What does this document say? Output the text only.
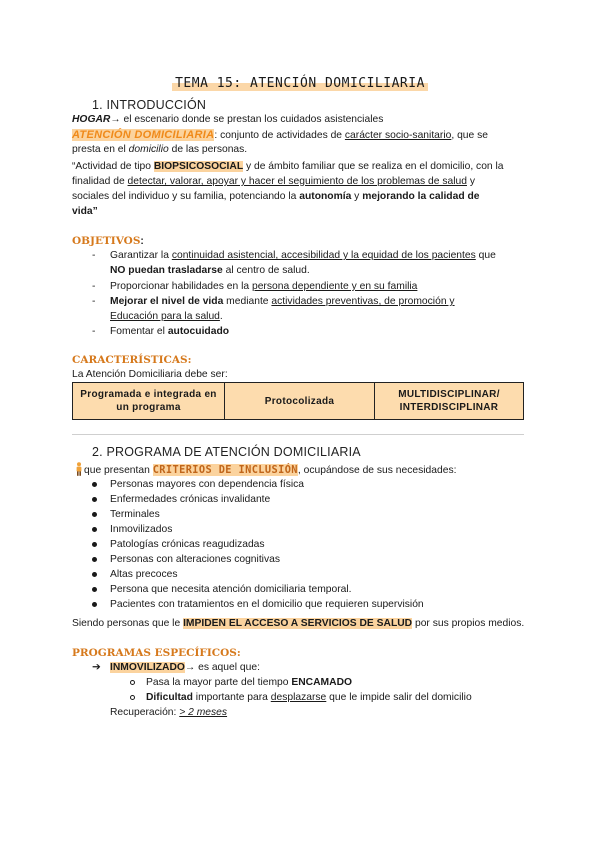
TEMA 15: ATENCIÓN DOMICILIARIA
1. INTRODUCCIÓN
HOGAR→ el escenario donde se prestan los cuidados asistenciales
ATENCIÓN DOMICILIARIA: conjunto de actividades de carácter socio-sanitario, que se
presta en el domicilio de las personas.
“Actividad de tipo BIOPSICOSOCIAL y de ámbito familiar que se realiza en el domicilio, con la
finalidad de detectar, valorar, apoyar y hacer el seguimiento de los problemas de salud y
sociales del individuo y su familia, potenciando la autonomía y mejorando la calidad de
vida”
OBJETIVOS:
- Garantizar la continuidad asistencial, accesibilidad y la equidad de los pacientes que
NO puedan trasladarse al centro de salud.
- Proporcionar habilidades en la persona dependiente y en su familia
- Mejorar el nivel de vida mediante actividades preventivas, de promoción y
Educación para la salud.
- Fomentar el autocuidado
CARACTERÍSTICAS:
La Atención Domiciliaria debe ser:
Programada e integrada en un programa
Protocolizada
MULTIDISCIPLINAR/ INTERDISCIPLINAR
2. PROGRAMA DE ATENCIÓN DOMICILIARIA
que presentan CRITERIOS DE INCLUSIÓN, ocupándose de sus necesidades:
Personas mayores con dependencia física
Enfermedades crónicas invalidante
Terminales
Inmovilizados
Patologías crónicas reagudizadas
Personas con alteraciones cognitivas
Altas precoces
Persona que necesita atención domiciliaria temporal.
Pacientes con tratamientos en el domicilio que requieren supervisión
Siendo personas que le IMPIDEN EL ACCESO A SERVICIOS DE SALUD por sus propios medios.
PROGRAMAS ESPECÍFICOS:
➔ INMOVILIZADO→ es aquel que:
Pasa la mayor parte del tiempo ENCAMADO
Dificultad importante para desplazarse que le impide salir del domicilio
Recuperación: > 2 meses
